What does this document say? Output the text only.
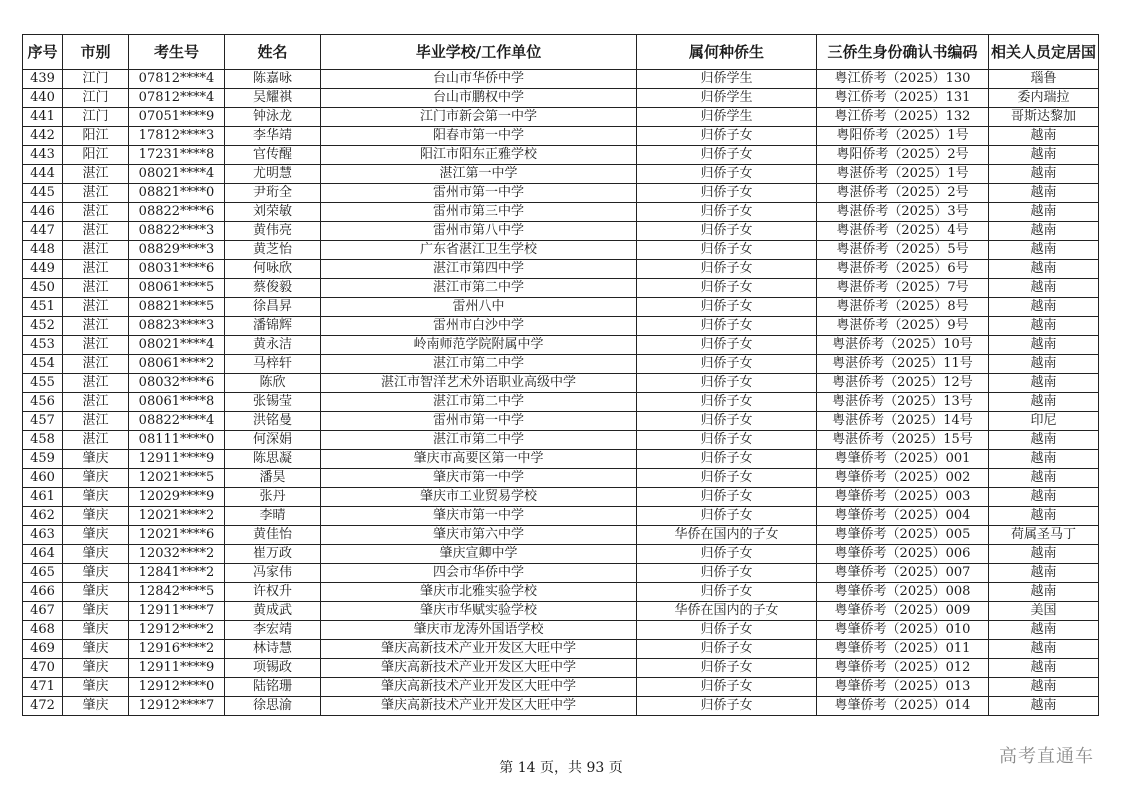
序号	市别	考生号	姓名	毕业学校/工作单位	属何种侨生	三侨生身份确认书编码	相关人员定居国
439	江门	07812****4	陈嘉咏	台山市华侨中学	归侨学生	粤江侨考（2025）130	瑙鲁
440	江门	07812****4	吴耀祺	台山市鹏权中学	归侨学生	粤江侨考（2025）131	委内瑞拉
441	江门	07051****9	钟泳龙	江门市新会第一中学	归侨学生	粤江侨考（2025）132	哥斯达黎加
442	阳江	17812****3	李华靖	阳春市第一中学	归侨子女	粤阳侨考（2025）1号	越南
443	阳江	17231****8	官传醒	阳江市阳东正雅学校	归侨子女	粤阳侨考（2025）2号	越南
444	湛江	08021****4	尤明慧	湛江第一中学	归侨子女	粤湛侨考（2025）1号	越南
445	湛江	08821****0	尹珩全	雷州市第一中学	归侨子女	粤湛侨考（2025）2号	越南
446	湛江	08822****6	刘荣敏	雷州市第三中学	归侨子女	粤湛侨考（2025）3号	越南
447	湛江	08822****3	黄伟亮	雷州市第八中学	归侨子女	粤湛侨考（2025）4号	越南
448	湛江	08829****3	黄芝怡	广东省湛江卫生学校	归侨子女	粤湛侨考（2025）5号	越南
449	湛江	08031****6	何咏欣	湛江市第四中学	归侨子女	粤湛侨考（2025）6号	越南
450	湛江	08061****5	蔡俊毅	湛江市第二中学	归侨子女	粤湛侨考（2025）7号	越南
451	湛江	08821****5	徐昌昇	雷州八中	归侨子女	粤湛侨考（2025）8号	越南
452	湛江	08823****3	潘锦辉	雷州市白沙中学	归侨子女	粤湛侨考（2025）9号	越南
453	湛江	08021****4	黄永洁	岭南师范学院附属中学	归侨子女	粤湛侨考（2025）10号	越南
454	湛江	08061****2	马梓轩	湛江市第二中学	归侨子女	粤湛侨考（2025）11号	越南
455	湛江	08032****6	陈欣	湛江市智洋艺术外语职业高级中学	归侨子女	粤湛侨考（2025）12号	越南
456	湛江	08061****8	张锡莹	湛江市第二中学	归侨子女	粤湛侨考（2025）13号	越南
457	湛江	08822****4	洪铭曼	雷州市第一中学	归侨子女	粤湛侨考（2025）14号	印尼
458	湛江	08111****0	何深娟	湛江市第二中学	归侨子女	粤湛侨考（2025）15号	越南
459	肇庆	12911****9	陈思凝	肇庆市高要区第一中学	归侨子女	粤肇侨考（2025）001	越南
460	肇庆	12021****5	潘昊	肇庆市第一中学	归侨子女	粤肇侨考（2025）002	越南
461	肇庆	12029****9	张丹	肇庆市工业贸易学校	归侨子女	粤肇侨考（2025）003	越南
462	肇庆	12021****2	李晴	肇庆市第一中学	归侨子女	粤肇侨考（2025）004	越南
463	肇庆	12021****6	黄佳怡	肇庆市第六中学	华侨在国内的子女	粤肇侨考（2025）005	荷属圣马丁
464	肇庆	12032****2	崔万政	肇庆宣卿中学	归侨子女	粤肇侨考（2025）006	越南
465	肇庆	12841****2	冯家伟	四会市华侨中学	归侨子女	粤肇侨考（2025）007	越南
466	肇庆	12842****5	许权升	肇庆市北雅实验学校	归侨子女	粤肇侨考（2025）008	越南
467	肇庆	12911****7	黄成武	肇庆市华赋实验学校	华侨在国内的子女	粤肇侨考（2025）009	美国
468	肇庆	12912****2	李宏靖	肇庆市龙涛外国语学校	归侨子女	粤肇侨考（2025）010	越南
469	肇庆	12916****2	林诗慧	肇庆高新技术产业开发区大旺中学	归侨子女	粤肇侨考（2025）011	越南
470	肇庆	12911****9	项锡政	肇庆高新技术产业开发区大旺中学	归侨子女	粤肇侨考（2025）012	越南
471	肇庆	12912****0	陆铭珊	肇庆高新技术产业开发区大旺中学	归侨子女	粤肇侨考（2025）013	越南
472	肇庆	12912****7	徐思渝	肇庆高新技术产业开发区大旺中学	归侨子女	粤肇侨考（2025）014	越南
第 14 页，共 93 页
高考直通车
